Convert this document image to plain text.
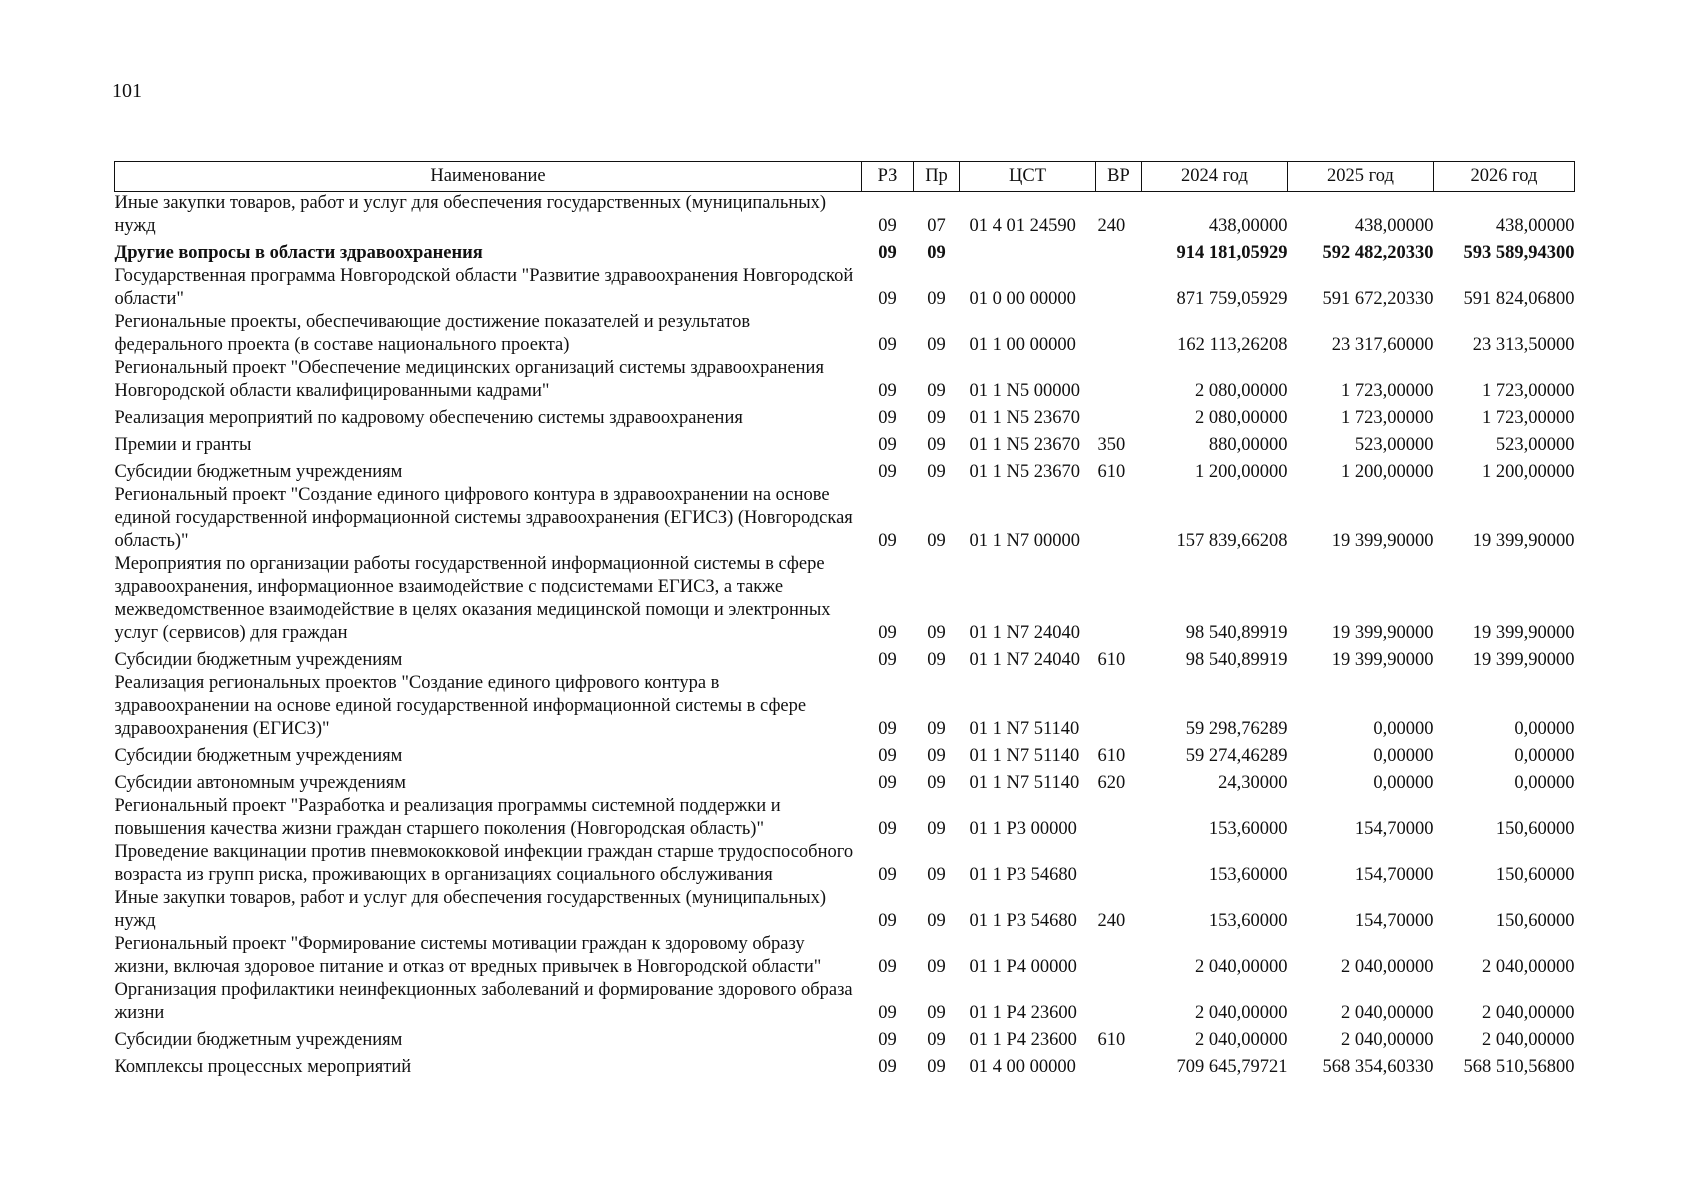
101
Наименование	РЗ	Пр	ЦСТ	ВР	2024 год	2025 год	2026 год
Иные закупки товаров, работ и услуг для обеспечения государственных (муниципальных) нужд	09	07	01 4 01 24590	240	438,00000	438,00000	438,00000
Другие вопросы в области здравоохранения	09	09			914 181,05929	592 482,20330	593 589,94300
Государственная программа Новгородской области "Развитие здравоохранения Новгородской области"	09	09	01 0 00 00000		871 759,05929	591 672,20330	591 824,06800
Региональные проекты, обеспечивающие достижение показателей и результатов федерального проекта (в составе национального проекта)	09	09	01 1 00 00000		162 113,26208	23 317,60000	23 313,50000
Региональный проект "Обеспечение медицинских организаций системы здравоохранения Новгородской области квалифицированными кадрами"	09	09	01 1 N5 00000		2 080,00000	1 723,00000	1 723,00000
Реализация мероприятий по кадровому обеспечению системы здравоохранения	09	09	01 1 N5 23670		2 080,00000	1 723,00000	1 723,00000
Премии и гранты	09	09	01 1 N5 23670	350	880,00000	523,00000	523,00000
Субсидии бюджетным учреждениям	09	09	01 1 N5 23670	610	1 200,00000	1 200,00000	1 200,00000
Региональный проект "Создание единого цифрового контура в здравоохранении на основе единой государственной информационной системы здравоохранения (ЕГИСЗ) (Новгородская область)"	09	09	01 1 N7 00000		157 839,66208	19 399,90000	19 399,90000
Мероприятия по организации работы государственной информационной системы в сфере здравоохранения, информационное взаимодействие с подсистемами ЕГИСЗ, а также межведомственное взаимодействие в целях оказания медицинской помощи и электронных услуг (сервисов) для граждан	09	09	01 1 N7 24040		98 540,89919	19 399,90000	19 399,90000
Субсидии бюджетным учреждениям	09	09	01 1 N7 24040	610	98 540,89919	19 399,90000	19 399,90000
Реализация региональных проектов "Создание единого цифрового контура в здравоохранении на основе единой государственной информационной системы в сфере здравоохранения (ЕГИСЗ)"	09	09	01 1 N7 51140		59 298,76289	0,00000	0,00000
Субсидии бюджетным учреждениям	09	09	01 1 N7 51140	610	59 274,46289	0,00000	0,00000
Субсидии автономным учреждениям	09	09	01 1 N7 51140	620	24,30000	0,00000	0,00000
Региональный проект "Разработка и реализация программы системной поддержки и повышения качества жизни граждан старшего поколения (Новгородская область)"	09	09	01 1 P3 00000		153,60000	154,70000	150,60000
Проведение вакцинации против пневмококковой инфекции граждан старше трудоспособного возраста из групп риска, проживающих в организациях социального обслуживания	09	09	01 1 P3 54680		153,60000	154,70000	150,60000
Иные закупки товаров, работ и услуг для обеспечения государственных (муниципальных) нужд	09	09	01 1 P3 54680	240	153,60000	154,70000	150,60000
Региональный проект "Формирование системы мотивации граждан к здоровому образу жизни, включая здоровое питание и отказ от вредных привычек в Новгородской области"	09	09	01 1 P4 00000		2 040,00000	2 040,00000	2 040,00000
Организация профилактики неинфекционных заболеваний и формирование здорового образа жизни	09	09	01 1 P4 23600		2 040,00000	2 040,00000	2 040,00000
Субсидии бюджетным учреждениям	09	09	01 1 P4 23600	610	2 040,00000	2 040,00000	2 040,00000
Комплексы процессных мероприятий	09	09	01 4 00 00000		709 645,79721	568 354,60330	568 510,56800
